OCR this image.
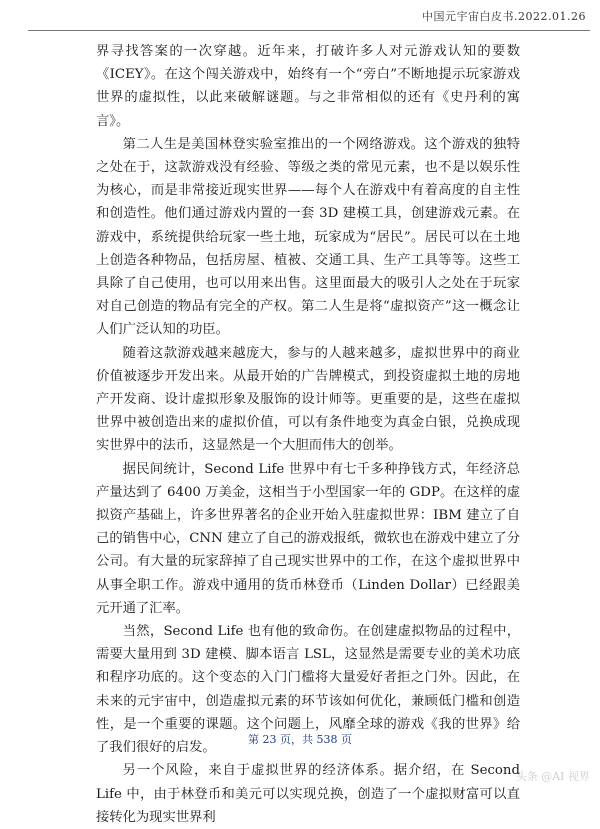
中国元宇宙白皮书.2022.01.26

界寻找答案的一次穿越。近年来，打破许多人对元游戏认知的要数《ICEY》。在这个闯关游戏中，始终有一个“旁白”不断地提示玩家游戏世界的虚拟性，以此来破解谜题。与之非常相似的还有《史丹利的寓言》。

第二人生是美国林登实验室推出的一个网络游戏。这个游戏的独特之处在于，这款游戏没有经验、等级之类的常见元素，也不是以娱乐性为核心，而是非常接近现实世界——每个人在游戏中有着高度的自主性和创造性。他们通过游戏内置的一套 3D 建模工具，创建游戏元素。在游戏中，系统提供给玩家一些土地，玩家成为“居民”。居民可以在土地上创造各种物品，包括房屋、植被、交通工具、生产工具等等。这些工具除了自己使用，也可以用来出售。这里面最大的吸引人之处在于玩家对自己创造的物品有完全的产权。第二人生是将“虚拟资产”这一概念让人们广泛认知的功臣。

随着这款游戏越来越庞大，参与的人越来越多，虚拟世界中的商业价值被逐步开发出来。从最开始的广告牌模式，到投资虚拟土地的房地产开发商、设计虚拟形象及服饰的设计师等。更重要的是，这些在虚拟世界中被创造出来的虚拟价值，可以有条件地变为真金白银，兑换成现实世界中的法币，这显然是一个大胆而伟大的创举。

据民间统计，Second Life 世界中有七千多种挣钱方式，年经济总产量达到了 6400 万美金，这相当于小型国家一年的 GDP。在这样的虚拟资产基础上，许多世界著名的企业开始入驻虚拟世界：IBM 建立了自己的销售中心，CNN 建立了自己的游戏报纸，微软也在游戏中建立了分公司。有大量的玩家辞掉了自己现实世界中的工作，在这个虚拟世界中从事全职工作。游戏中通用的货币林登币（Linden Dollar）已经跟美元开通了汇率。

当然，Second Life 也有他的致命伤。在创建虚拟物品的过程中，需要大量用到 3D 建模、脚本语言 LSL，这显然是需要专业的美术功底和程序功底的。这个变态的入门门槛将大量爱好者拒之门外。因此，在未来的元宇宙中，创造虚拟元素的环节该如何优化，兼顾低门槛和创造性，是一个重要的课题。这个问题上，风靡全球的游戏《我的世界》给了我们很好的启发。

另一个风险，来自于虚拟世界的经济体系。据介绍，在 Second Life 中，由于林登币和美元可以实现兑换，创造了一个虚拟财富可以直接转化为现实世界利

第 23 页，共 538 页
头条 @AI 视界
